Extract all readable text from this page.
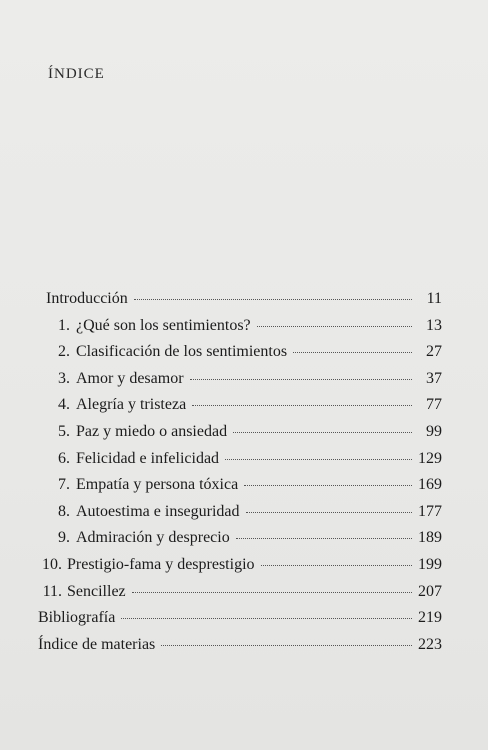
ÍNDICE
Introducción	11
1. ¿Qué son los sentimientos?	13
2. Clasificación de los sentimientos	27
3. Amor y desamor	37
4. Alegría y tristeza	77
5. Paz y miedo o ansiedad	99
6. Felicidad e infelicidad	129
7. Empatía y persona tóxica	169
8. Autoestima e inseguridad	177
9. Admiración y desprecio	189
10. Prestigio-fama y desprestigio	199
11. Sencillez	207
Bibliografía	219
Índice de materias	223
